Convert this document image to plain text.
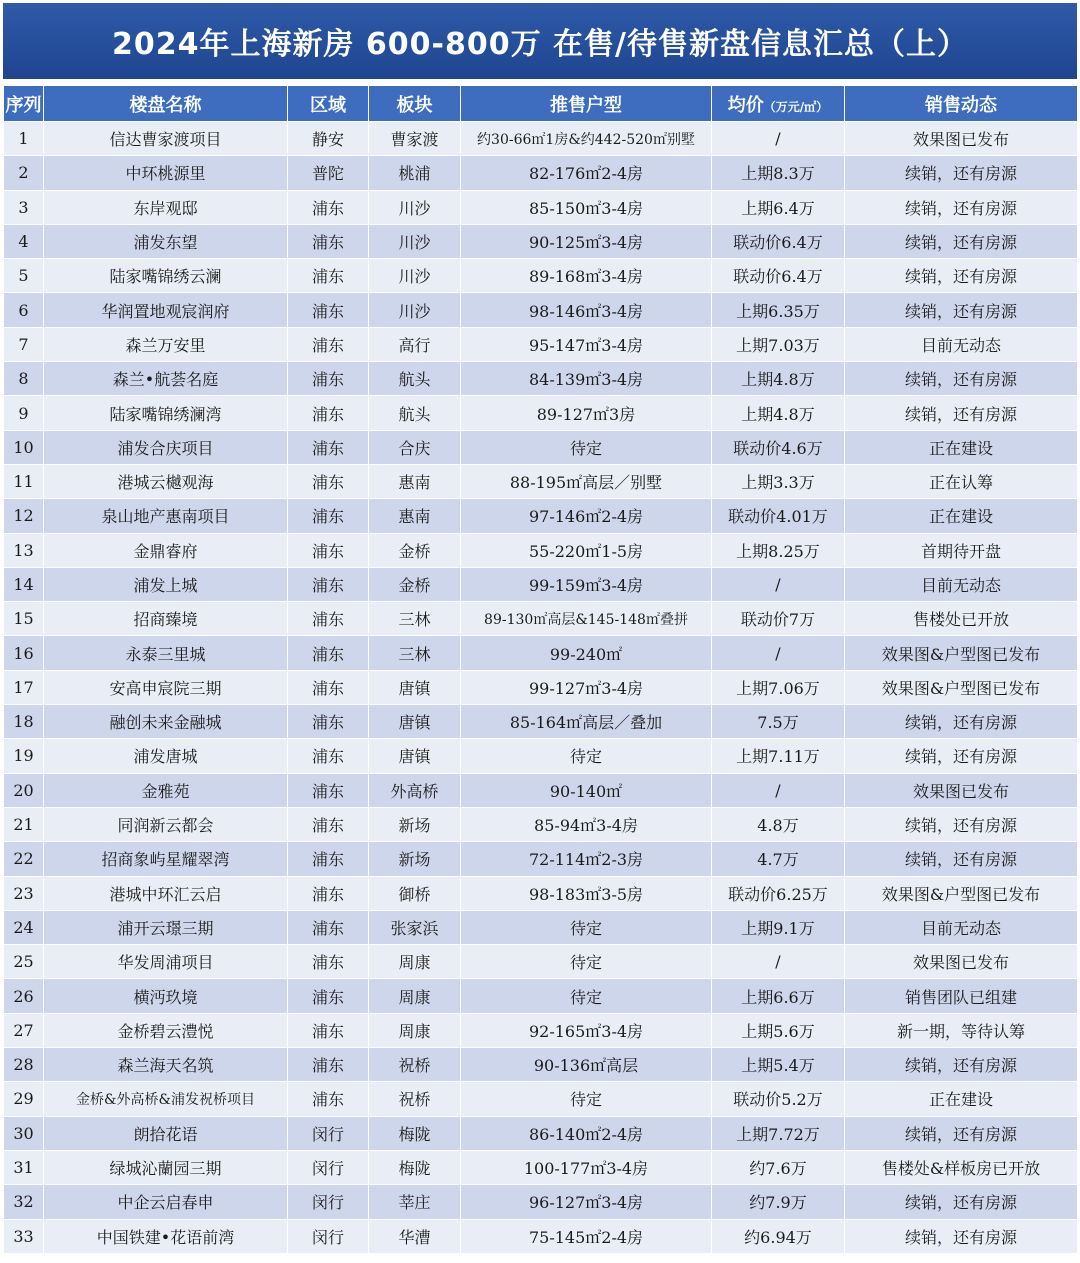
2024年上海新房 600-800万 在售/待售新盘信息汇总（上）
序列	楼盘名称	区域	板块	推售户型	均价（万元/㎡）	销售动态
1	信达曹家渡项目	静安	曹家渡	约30-66㎡1房&约442-520㎡别墅	/	效果图已发布
2	中环桃源里	普陀	桃浦	82-176㎡2-4房	上期8.3万	续销，还有房源
3	东岸观邸	浦东	川沙	85-150㎡3-4房	上期6.4万	续销，还有房源
4	浦发东望	浦东	川沙	90-125㎡3-4房	联动价6.4万	续销，还有房源
5	陆家嘴锦绣云澜	浦东	川沙	89-168㎡3-4房	联动价6.4万	续销，还有房源
6	华润置地观宸润府	浦东	川沙	98-146㎡3-4房	上期6.35万	续销，还有房源
7	森兰万安里	浦东	高行	95-147㎡3-4房	上期7.03万	目前无动态
8	森兰•航荟名庭	浦东	航头	84-139㎡3-4房	上期4.8万	续销，还有房源
9	陆家嘴锦绣澜湾	浦东	航头	89-127㎡3房	上期4.8万	续销，还有房源
10	浦发合庆项目	浦东	合庆	待定	联动价4.6万	正在建设
11	港城云樾观海	浦东	惠南	88-195㎡高层／别墅	上期3.3万	正在认筹
12	泉山地产惠南项目	浦东	惠南	97-146㎡2-4房	联动价4.01万	正在建设
13	金鼎睿府	浦东	金桥	55-220㎡1-5房	上期8.25万	首期待开盘
14	浦发上城	浦东	金桥	99-159㎡3-4房	/	目前无动态
15	招商臻境	浦东	三林	89-130㎡高层&145-148㎡叠拼	联动价7万	售楼处已开放
16	永泰三里城	浦东	三林	99-240㎡	/	效果图&户型图已发布
17	安高申宸院三期	浦东	唐镇	99-127㎡3-4房	上期7.06万	效果图&户型图已发布
18	融创未来金融城	浦东	唐镇	85-164㎡高层／叠加	7.5万	续销，还有房源
19	浦发唐城	浦东	唐镇	待定	上期7.11万	续销，还有房源
20	金雅苑	浦东	外高桥	90-140㎡	/	效果图已发布
21	同润新云都会	浦东	新场	85-94㎡3-4房	4.8万	续销，还有房源
22	招商象屿星耀翠湾	浦东	新场	72-114㎡2-3房	4.7万	续销，还有房源
23	港城中环汇云启	浦东	御桥	98-183㎡3-5房	联动价6.25万	效果图&户型图已发布
24	浦开云璟三期	浦东	张家浜	待定	上期9.1万	目前无动态
25	华发周浦项目	浦东	周康	待定	/	效果图已发布
26	横沔玖境	浦东	周康	待定	上期6.6万	销售团队已组建
27	金桥碧云澧悦	浦东	周康	92-165㎡3-4房	上期5.6万	新一期，等待认筹
28	森兰海天名筑	浦东	祝桥	90-136㎡高层	上期5.4万	续销，还有房源
29	金桥&外高桥&浦发祝桥项目	浦东	祝桥	待定	联动价5.2万	正在建设
30	朗拾花语	闵行	梅陇	86-140㎡2-4房	上期7.72万	续销，还有房源
31	绿城沁蘭园三期	闵行	梅陇	100-177㎡3-4房	约7.6万	售楼处&样板房已开放
32	中企云启春申	闵行	莘庄	96-127㎡3-4房	约7.9万	续销，还有房源
33	中国铁建•花语前湾	闵行	华漕	75-145㎡2-4房	约6.94万	续销，还有房源
